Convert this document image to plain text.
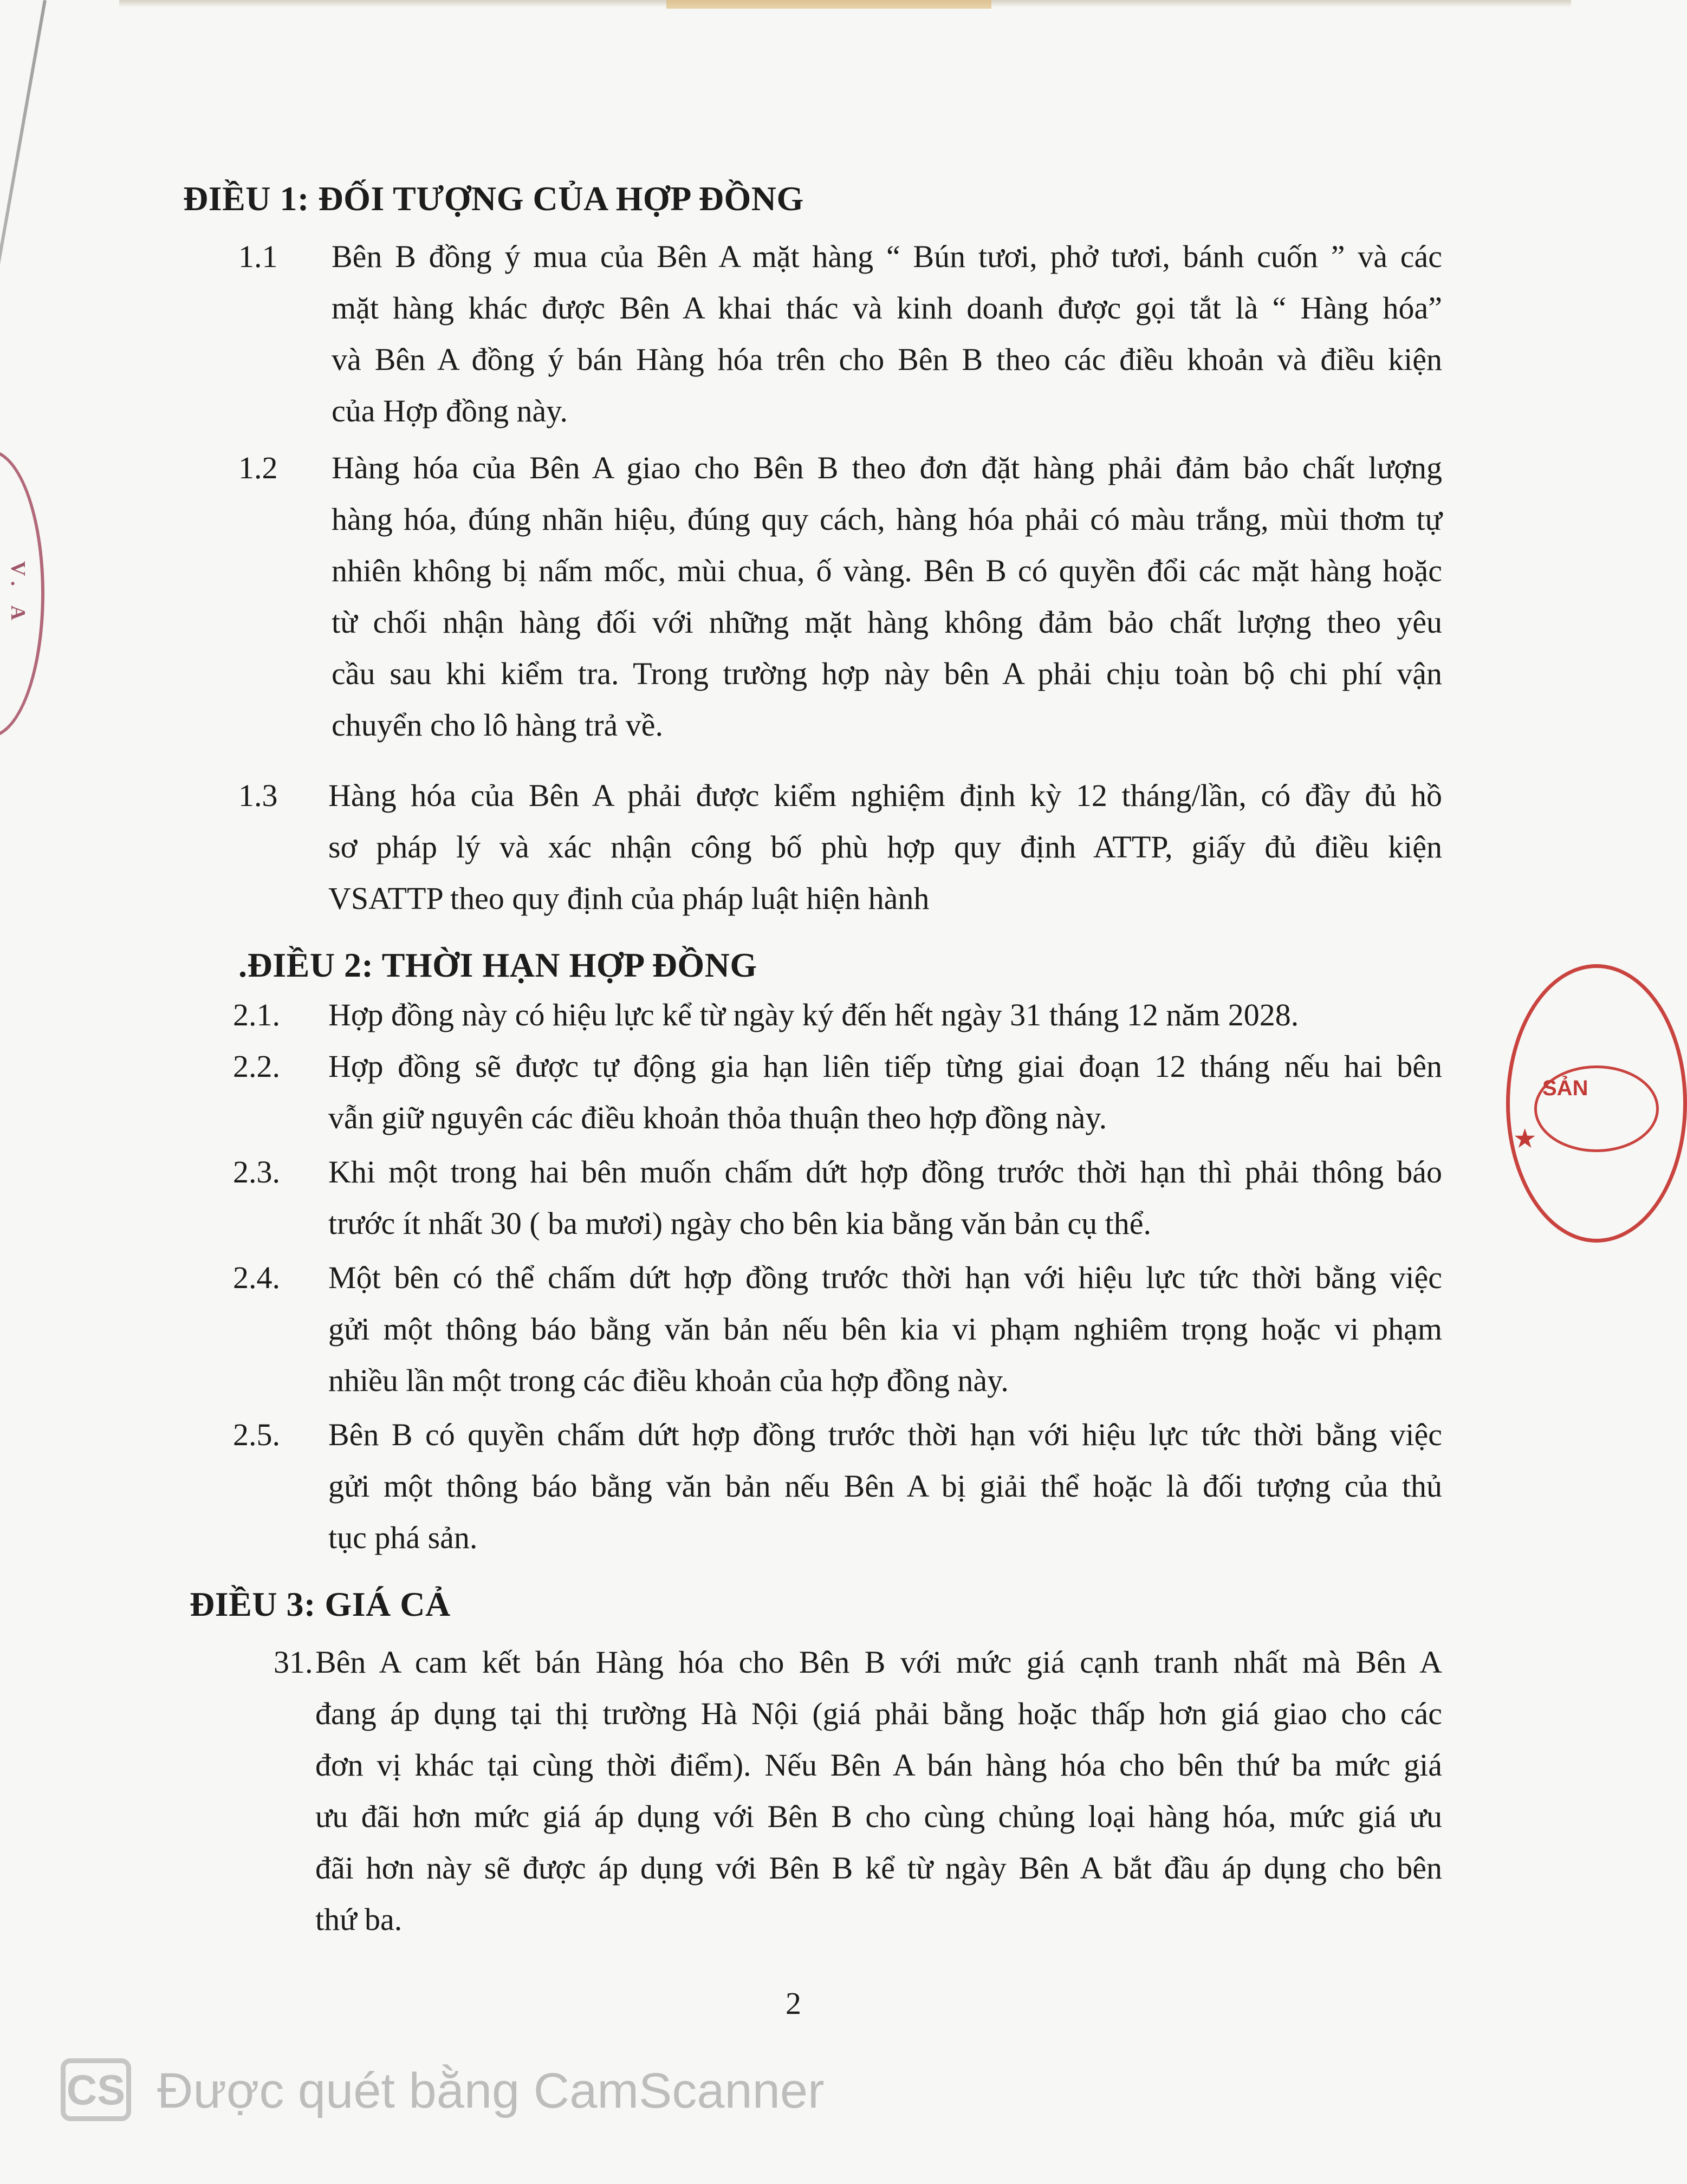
V. A
SẢN
★
ĐIỀU 1: ĐỐI TƯỢNG CỦA HỢP ĐỒNG
1.1 Bên B đồng ý mua của Bên A mặt hàng “ Bún tươi, phở tươi, bánh cuốn ” và các
mặt hàng khác được Bên A khai thác và kinh doanh được gọi tắt là “ Hàng hóa”
và Bên A đồng ý bán Hàng hóa trên cho Bên B theo các điều khoản và điều kiện
của Hợp đồng này.
1.2 Hàng hóa của Bên A giao cho Bên B theo đơn đặt hàng phải đảm bảo chất lượng
hàng hóa, đúng nhãn hiệu, đúng quy cách, hàng hóa phải có màu trắng, mùi thơm tự
nhiên không bị nấm mốc, mùi chua, ố vàng. Bên B có quyền đổi các mặt hàng hoặc
từ chối nhận hàng đối với những mặt hàng không đảm bảo chất lượng theo yêu
cầu sau khi kiểm tra. Trong trường hợp này bên A phải chịu toàn bộ chi phí vận
chuyển cho lô hàng trả về.
1.3 Hàng hóa của Bên A phải được kiểm nghiệm định kỳ 12 tháng/lần, có đầy đủ hồ
sơ pháp lý và xác nhận công bố phù hợp quy định ATTP, giấy đủ điều kiện
VSATTP theo quy định của pháp luật hiện hành
.ĐIỀU 2: THỜI HẠN HỢP ĐỒNG
2.1. Hợp đồng này có hiệu lực kể từ ngày ký đến hết ngày 31 tháng 12 năm 2028.
2.2. Hợp đồng sẽ được tự động gia hạn liên tiếp từng giai đoạn 12 tháng nếu hai bên
vẫn giữ nguyên các điều khoản thỏa thuận theo hợp đồng này.
2.3. Khi một trong hai bên muốn chấm dứt hợp đồng trước thời hạn thì phải thông báo
trước ít nhất 30 ( ba mươi) ngày cho bên kia bằng văn bản cụ thể.
2.4. Một bên có thể chấm dứt hợp đồng trước thời hạn với hiệu lực tức thời bằng việc
gửi một thông báo bằng văn bản nếu bên kia vi phạm nghiêm trọng hoặc vi phạm
nhiều lần một trong các điều khoản của hợp đồng này.
2.5. Bên B có quyền chấm dứt hợp đồng trước thời hạn với hiệu lực tức thời bằng việc
gửi một thông báo bằng văn bản nếu Bên A bị giải thể hoặc là đối tượng của thủ
tục phá sản.
ĐIỀU 3: GIÁ CẢ
31. Bên A cam kết bán Hàng hóa cho Bên B với mức giá cạnh tranh nhất mà Bên A
đang áp dụng tại thị trường Hà Nội (giá phải bằng hoặc thấp hơn giá giao cho các
đơn vị khác tại cùng thời điểm). Nếu Bên A bán hàng hóa cho bên thứ ba mức giá
ưu đãi hơn mức giá áp dụng với Bên B cho cùng chủng loại hàng hóa, mức giá ưu
đãi hơn này sẽ được áp dụng với Bên B kể từ ngày Bên A bắt đầu áp dụng cho bên
thứ ba.
2
CS Được quét bằng CamScanner
